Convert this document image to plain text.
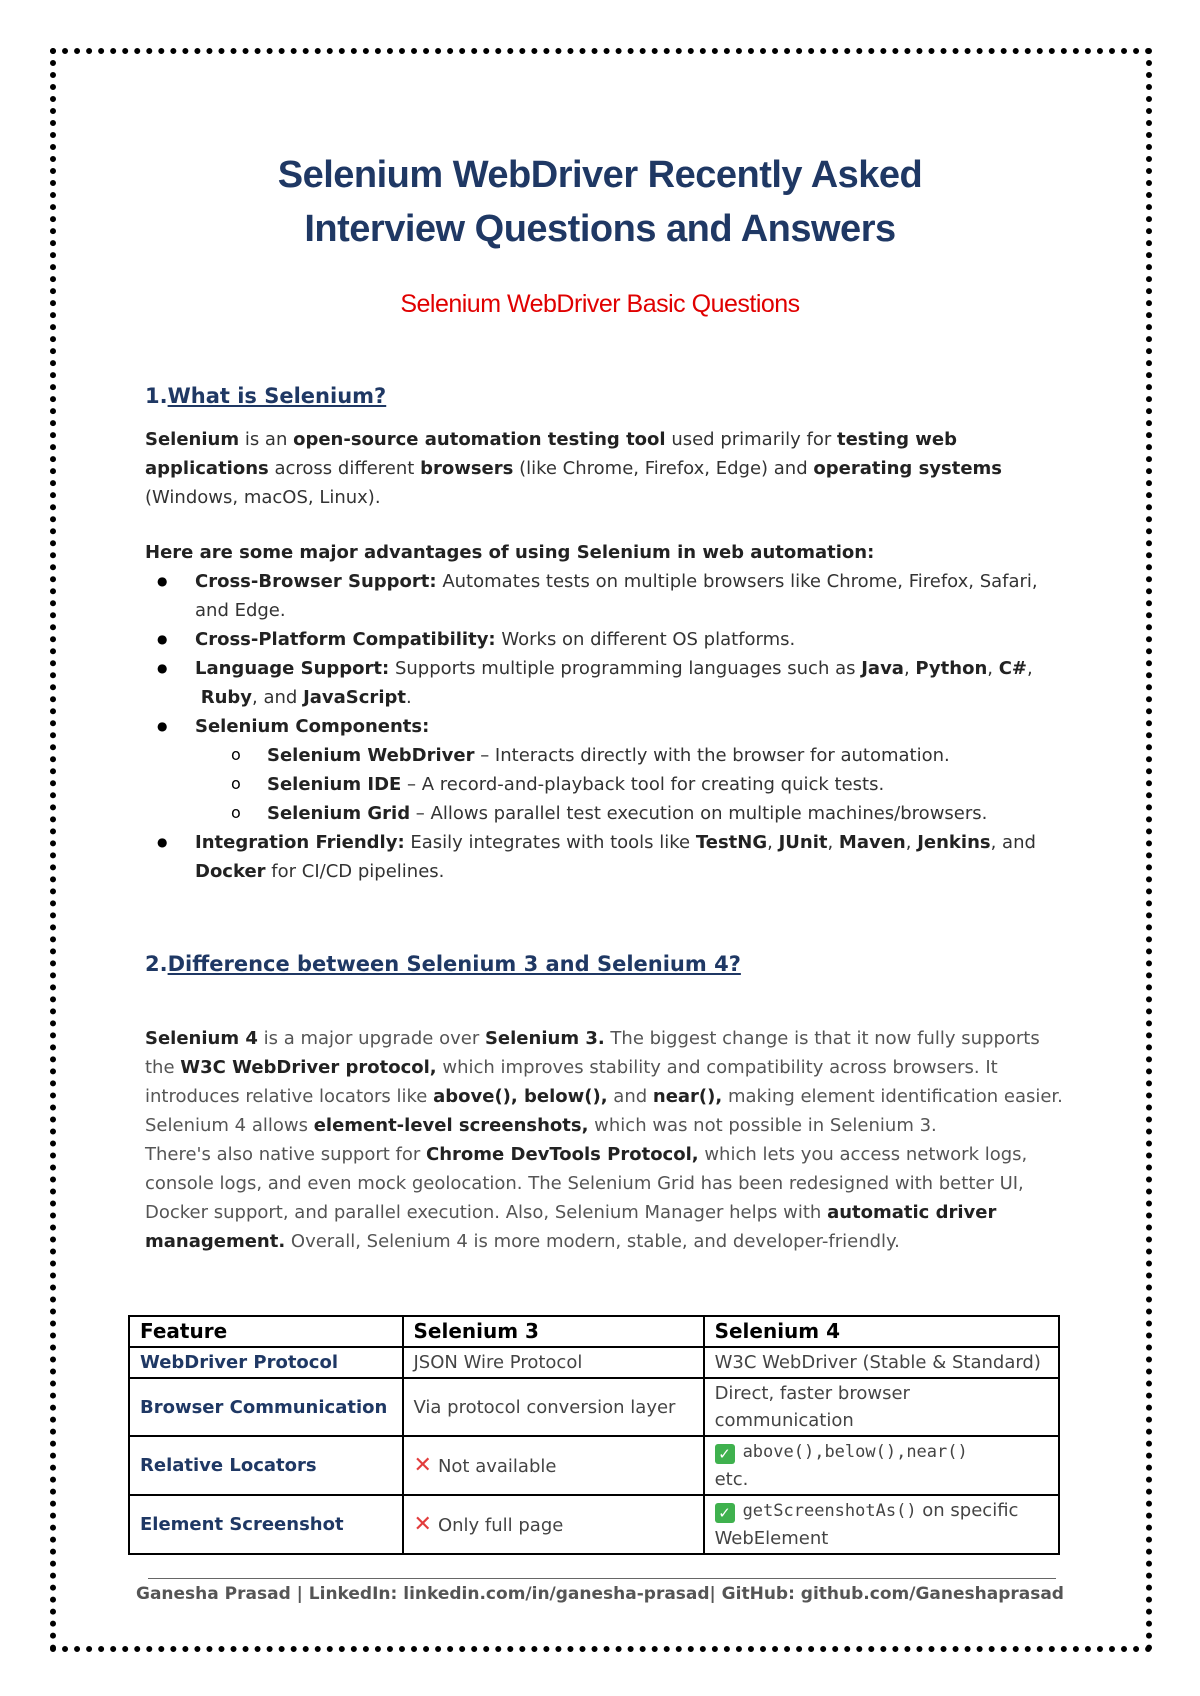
Selenium WebDriver Recently Asked
Interview Questions and Answers
Selenium WebDriver Basic Questions
1.What is Selenium?
Selenium is an open-source automation testing tool used primarily for testing web applications across different browsers (like Chrome, Firefox, Edge) and operating systems (Windows, macOS, Linux).
Here are some major advantages of using Selenium in web automation:
● Cross-Browser Support: Automates tests on multiple browsers like Chrome, Firefox, Safari, and Edge.
● Cross-Platform Compatibility: Works on different OS platforms.
● Language Support: Supports multiple programming languages such as Java, Python, C#,  Ruby, and JavaScript.
● Selenium Components:
o Selenium WebDriver – Interacts directly with the browser for automation.
o Selenium IDE – A record-and-playback tool for creating quick tests.
o Selenium Grid – Allows parallel test execution on multiple machines/browsers.
● Integration Friendly: Easily integrates with tools like TestNG, JUnit, Maven, Jenkins, and Docker for CI/CD pipelines.
2.Difference between Selenium 3 and Selenium 4?
Selenium 4 is a major upgrade over Selenium 3. The biggest change is that it now fully supports the W3C WebDriver protocol, which improves stability and compatibility across browsers. It introduces relative locators like above(), below(), and near(), making element identification easier. Selenium 4 allows element-level screenshots, which was not possible in Selenium 3.
There's also native support for Chrome DevTools Protocol, which lets you access network logs, console logs, and even mock geolocation. The Selenium Grid has been redesigned with better UI, Docker support, and parallel execution. Also, Selenium Manager helps with automatic driver management. Overall, Selenium 4 is more modern, stable, and developer-friendly.
Feature	Selenium 3	Selenium 4
WebDriver Protocol	JSON Wire Protocol	W3C WebDriver (Stable & Standard)
Browser Communication	Via protocol conversion layer	Direct, faster browser communication
Relative Locators	✕ Not available	✓ above(),below(),near()
etc.
Element Screenshot	✕ Only full page	✓ getScreenshotAs() on specific WebElement
Ganesha Prasad | LinkedIn: linkedin.com/in/ganesha-prasad| GitHub: github.com/Ganeshaprasad
